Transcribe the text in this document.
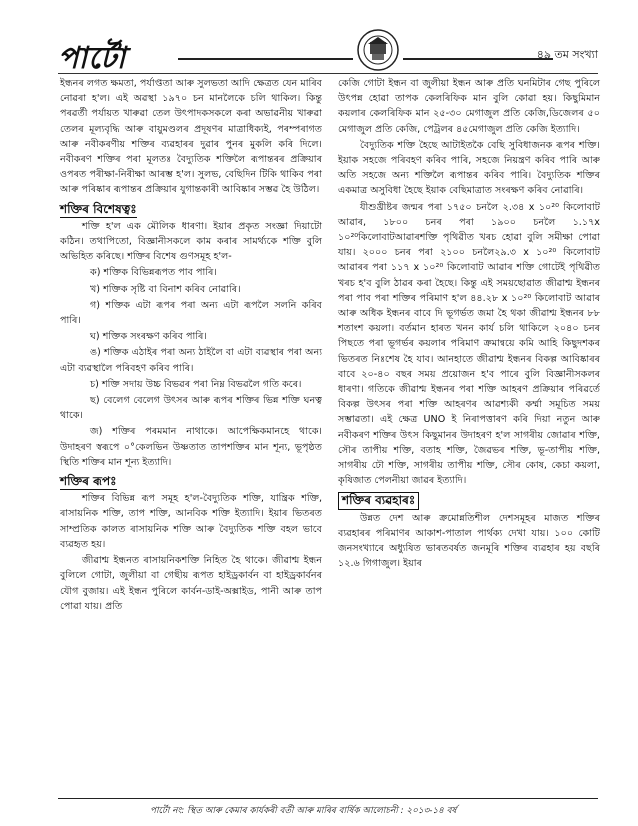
পাৰ্টো	৪৯ তম সংখ্যা

ইন্ধনৰ লগত ক্ষমতা, পৰ্যাপ্ততা আৰু সুলভতা আদি ক্ষেত্ৰত যেন মাৰিব নোৱৰা হ'ল। এই অৱস্থা ১৯৭০ চন মানলৈকে চলি থাকিল। কিন্তু পৰৱৰ্তী পৰ্যায়ত খাৰুৱা তেল উৎপাদকসকলে কৰা অভাৱনীয় খাৰুৱা তেলৰ মূল্যবৃদ্ধি আৰু বায়ুমণ্ডলৰ প্ৰদূষণৰ মাত্ৰাধিক্যই, পৰম্পৰাগত আৰু নবীকৰণীয় শক্তিৰ ব্যৱহাৰৰ দুৱাৰ পুনৰ মুকলি কৰি দিলে। নবীকৰণ শক্তিৰ পৰা মূলতঃ বৈদ্যুতিক শক্তিলৈ ৰূপান্তৰৰ প্ৰক্ৰিয়াৰ ওপৰত পৰীক্ষা-নিৰীক্ষা আৰম্ভ হ'ল। সুলভ, বেছিদিন টিকি থাকিব পৰা আৰু পৰিষ্কাৰ ৰূপান্তৰ প্ৰক্ৰিয়াৰ যুগান্তকাৰী আবিষ্কাৰ সম্ভৱ হৈ উঠিল।

শক্তিৰ বিশেষত্বঃ

শক্তি হ'ল এক মৌলিক ধাৰণা। ইয়াৰ প্ৰকৃত সংজ্ঞা দিয়াটো কঠিন। তথাপিতো, বিজ্ঞানীসকলে কাম কৰাৰ সামৰ্থ্যকে শক্তি বুলি অভিহিত কৰিছে। শক্তিৰ বিশেষ গুণসমূহ হ'ল-

ক) শক্তিক বিভিন্নৰূপত পাব পাৰি।

খ) শক্তিক সৃষ্টি বা বিনাশ কৰিব নোৱাৰি।

গ) শক্তিক এটা ৰূপৰ পৰা অন্য এটা ৰূপলৈ সলনি কৰিব পাৰি।

ঘ) শক্তিক সংৰক্ষণ কৰিব পাৰি।

ঙ) শক্তিক এঠাইৰ পৰা অন্য ঠাইলৈ বা এটা ব্যৱস্থাৰ পৰা অন্য এটা ব্যৱস্থালৈ পৰিবহণ কৰিব পাৰি।

চ) শক্তি সদায় উচ্চ বিভৱৰ পৰা নিম্ন বিভৱলৈ গতি কৰে।

ছ) বেলেগ বেলেগ উৎসৰ আৰু ৰূপৰ শক্তিৰ ভিন্ন শক্তি ঘনত্ব থাকে।

জ) শক্তিৰ পৰমমান নাথাকে। আপেক্ষিকমানহে থাকে। উদাহৰণ স্বৰূপে ০°কেলভিন উষ্ণতাত তাপশক্তিৰ মান শূন্য, ভূপৃষ্ঠত স্থিতি শক্তিৰ মান শূন্য ইত্যাদি।

শক্তিৰ ৰূপঃ

শক্তিৰ বিভিন্ন ৰূপ সমূহ হ'ল-বৈদ্যুতিক শক্তি, যান্ত্ৰিক শক্তি, ৰাসায়নিক শক্তি, তাপ শক্তি, আনবিক শক্তি ইত্যাদি। ইয়াৰ ভিতৰত সাম্প্ৰতিক কালত ৰাসায়নিক শক্তি আৰু বৈদ্যুতিক শক্তি বহল ভাবে ব্যৱহৃত হয়।

জীৱাশ্ম ইন্ধনত ৰাসায়নিকশক্তি নিহিত হৈ থাকে। জীৱাশ্ম ইন্ধন বুলিলে গোটা, জুলীয়া বা গেছীয় ৰূপত হাইড্ৰকাৰ্বন বা হাইড্ৰকাৰ্বনৰ যৌগ বুজায়। এই ইন্ধন পুৰিলে কাৰ্বন-ডাই-অক্সাইড, পানী আৰু তাপ পোৱা যায়। প্ৰতি

কেজি গোটা ইন্ধন বা জুলীয়া ইন্ধন আৰু প্ৰতি ঘনমিটাৰ গেছ পুৰিলে উৎপন্ন হোৱা তাপক কেলৰিফিক মান বুলি কোৱা হয়। কিছুমিমান কয়লাৰ কেলৰিফিক মান ২৫-৩০ মেগাজুল প্ৰতি কেজি,ডিজেলৰ ৫০ মেগাজুল প্ৰতি কেজি, পেট্ৰলৰ ৪৫মেগাজুল প্ৰতি কেজি ইত্যাদি।

বৈদ্যুতিক শক্তি হৈছে আটাইতকৈ বেছি সুবিধাজনক ৰূপৰ শক্তি। ইয়াক সহজে পৰিবহণ কৰিব পাৰি, সহজে নিয়ন্ত্ৰণ কৰিব পাৰি আৰু অতি সহজে অন্য শক্তিলৈ ৰূপান্তৰ কৰিব পাৰি। বৈদ্যুতিক শক্তিৰ একমাত্ৰ অসুবিধা হৈছে ইয়াক বেছিমাত্ৰাত সংৰক্ষণ কৰিব নোৱাৰি।

যীশুখ্ৰীষ্টৰ জন্মৰ পৰা ১৭৫০ চনলৈ ২.৩৪ x ১০²⁰ কিলোবাট আৱাৰ, ১৮০০ চনৰ পৰা ১৯০০ চনলৈ ১.১৭x ১০²⁰কিলোবাটআৱাৰশক্তি পৃথিৱীত খৰচ হোৱা বুলি সমীক্ষা পোৱা যায়। ২০০০ চনৰ পৰা ২১০০ চনলৈ২৯.৩ x ১০²⁰ কিলোবাট আৱাৰৰ পৰা ১১৭ x ১০²⁰ কিলোবাট আৱাৰ শক্তি গোটেই পৃথিৱীত খৰচ হ'ব বুলি ঠাৱৰ কৰা হৈছে। কিন্তু এই সময়ছোৱাত জীৱাশ্ম ইন্ধনৰ পৰা পাব পৰা শক্তিৰ পৰিমাণ হ'ল ৪৪.২৮ x ১০²⁰ কিলোবাট আৱাৰ আৰু অধিক ইন্ধনৰ বাবে দি ভূগৰ্ভত জমা হৈ থকা জীৱাশ্ম ইন্ধনৰ ৮৮ শতাংশ কয়লা। বৰ্তমান হাৰত খনন কাৰ্য চলি থাকিলে ২০৪০ চনৰ পিছতে পৰা ভূগৰ্ভৰ কয়লাৰ পৰিমাণ ক্ৰমান্বয়ে কমি আহি কিছুদশকৰ ভিতৰত নিঃশেষ হৈ যাব। আনহাতে জীৱাশ্ম ইন্ধনৰ বিকল্প আবিষ্কাৰৰ বাবে ২০-৪০ বছৰ সময় প্ৰয়োজন হ'ব পাৰে বুলি বিজ্ঞানীসকলৰ ধাৰণা। গতিকে জীৱাশ্ম ইন্ধনৰ পৰা শক্তি আহৰণ প্ৰক্ৰিয়াৰ পৰিৱৰ্তে বিকল্প উৎসৰ পৰা শক্তি আহৰণৰ আৱশ্যকী কৰ্ম্মা সমূচিত সময় সম্ভাৱতা। এই ক্ষেত্ৰ UNO ই নিৰাপত্তাৰণ কৰি দিয়া নতুন আৰু নবীকৰণ শক্তিৰ উৎস কিছুমানৰ উদাহৰণ হ'ল সাগৰীয় জোৱাৰ শক্তি, সৌৰ তাপীয় শক্তি, বতাহ শক্তি, জৈৱভৰ শক্তি, ভূ-তাপীয় শক্তি, সাগৰীয় ঢৌ শক্তি, সাগৰীয় তাপীয় শক্তি, সৌৰ কোষ, কেচা কয়লা, কৃষিজাত পেলনীয়া জাৱৰ ইত্যাদি।

শক্তিৰ ব্যৱহাৰঃ

উন্নত দেশ আৰু ক্ৰমোন্নতিশীল দেশসমূহৰ মাজত শক্তিৰ ব্যৱহাৰৰ পৰিমাণৰ আকাশ-পাতাল পাৰ্থক্য দেখা যায়। ১০০ কোটি জনসংখ্যাৰে অধ্যুষিত ভাৰতবৰ্ষত জনমূৰি শক্তিৰ ব্যৱহাৰ হয় বছৰি ১২.৬ গিগাজুল। ইয়াৰ

পাৰ্টো নং: স্থিত আৰু কেমাৰ কাৰ্যকৰী বৰ্তী আৰু মাৰিৰ বাৰ্ষিক আলোচনী : ২০১৩-১৪ বৰ্ষ
